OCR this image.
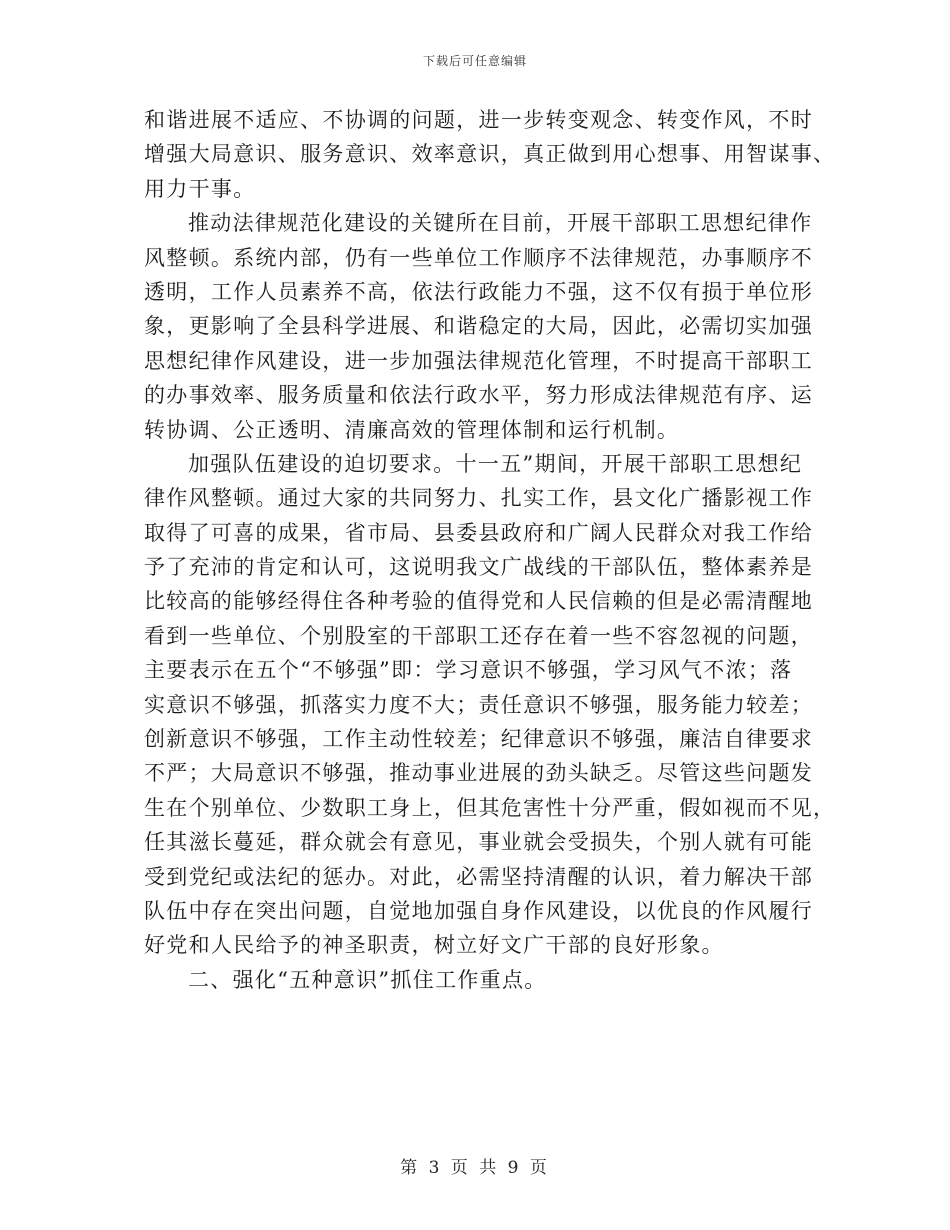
下载后可任意编辑
和谐进展不适应、不协调的问题，进一步转变观念、转变作风，不时
增强大局意识、服务意识、效率意识，真正做到用心想事、用智谋事、
用力干事。
推动法律规范化建设的关键所在目前，开展干部职工思想纪律作
风整顿。系统内部，仍有一些单位工作顺序不法律规范，办事顺序不
透明，工作人员素养不高，依法行政能力不强，这不仅有损于单位形
象，更影响了全县科学进展、和谐稳定的大局，因此，必需切实加强
思想纪律作风建设，进一步加强法律规范化管理，不时提高干部职工
的办事效率、服务质量和依法行政水平，努力形成法律规范有序、运
转协调、公正透明、清廉高效的管理体制和运行机制。
加强队伍建设的迫切要求。十一五”期间，开展干部职工思想纪
律作风整顿。通过大家的共同努力、扎实工作，县文化广播影视工作
取得了可喜的成果，省市局、县委县政府和广阔人民群众对我工作给
予了充沛的肯定和认可，这说明我文广战线的干部队伍，整体素养是
比较高的能够经得住各种考验的值得党和人民信赖的但是必需清醒地
看到一些单位、个别股室的干部职工还存在着一些不容忽视的问题，
主要表示在五个“不够强”即：学习意识不够强，学习风气不浓；落
实意识不够强，抓落实力度不大；责任意识不够强，服务能力较差；
创新意识不够强，工作主动性较差；纪律意识不够强，廉洁自律要求
不严；大局意识不够强，推动事业进展的劲头缺乏。尽管这些问题发
生在个别单位、少数职工身上，但其危害性十分严重，假如视而不见，
任其滋长蔓延，群众就会有意见，事业就会受损失，个别人就有可能
受到党纪或法纪的惩办。对此，必需坚持清醒的认识，着力解决干部
队伍中存在突出问题，自觉地加强自身作风建设，以优良的作风履行
好党和人民给予的神圣职责，树立好文广干部的良好形象。
二、强化“五种意识”抓住工作重点。
第 3 页 共 9 页
